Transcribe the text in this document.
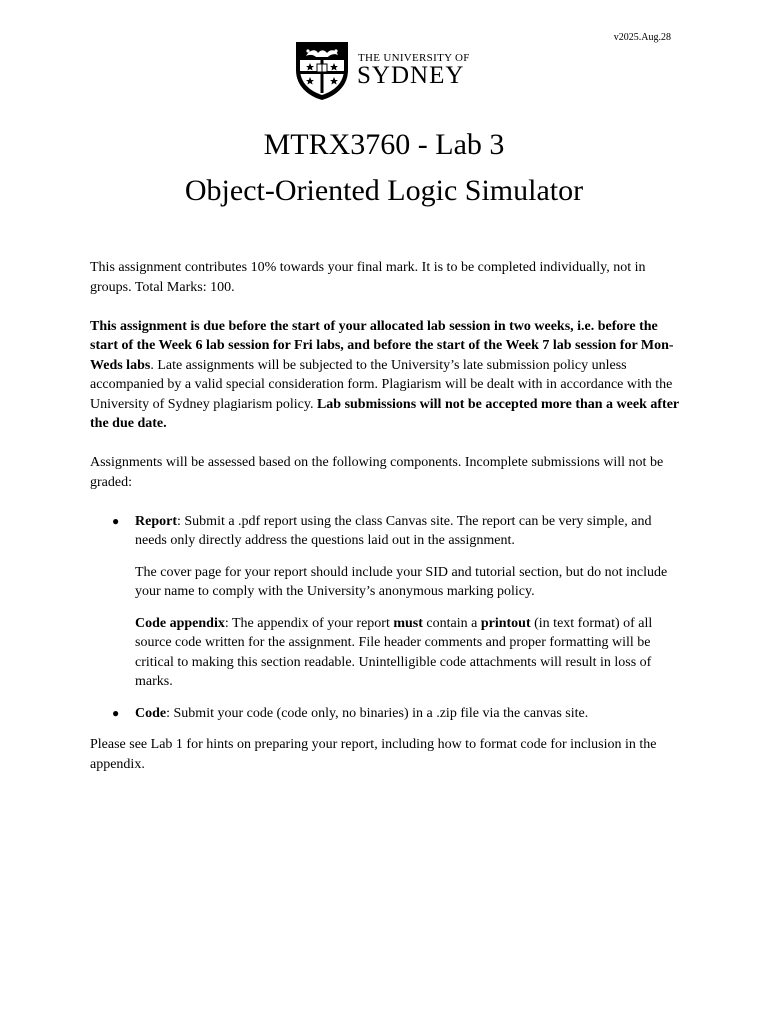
v2025.Aug.28
THE UNIVERSITY OF
SYDNEY
MTRX3760 - Lab 3
Object-Oriented Logic Simulator

This assignment contributes 10% towards your final mark. It is to be completed individually, not in groups. Total Marks: 100.

This assignment is due before the start of your allocated lab session in two weeks, i.e. before the start of the Week 6 lab session for Fri labs, and before the start of the Week 7 lab session for Mon-Weds labs. Late assignments will be subjected to the University’s late submission policy unless accompanied by a valid special consideration form. Plagiarism will be dealt with in accordance with the University of Sydney plagiarism policy. Lab submissions will not be accepted more than a week after the due date.

Assignments will be assessed based on the following components. Incomplete submissions will not be graded:

● Report: Submit a .pdf report using the class Canvas site. The report can be very simple, and needs only directly address the questions laid out in the assignment.

The cover page for your report should include your SID and tutorial section, but do not include your name to comply with the University’s anonymous marking policy.

Code appendix: The appendix of your report must contain a printout (in text format) of all source code written for the assignment. File header comments and proper formatting will be critical to making this section readable. Unintelligible code attachments will result in loss of marks.

● Code: Submit your code (code only, no binaries) in a .zip file via the canvas site.

Please see Lab 1 for hints on preparing your report, including how to format code for inclusion in the appendix.
